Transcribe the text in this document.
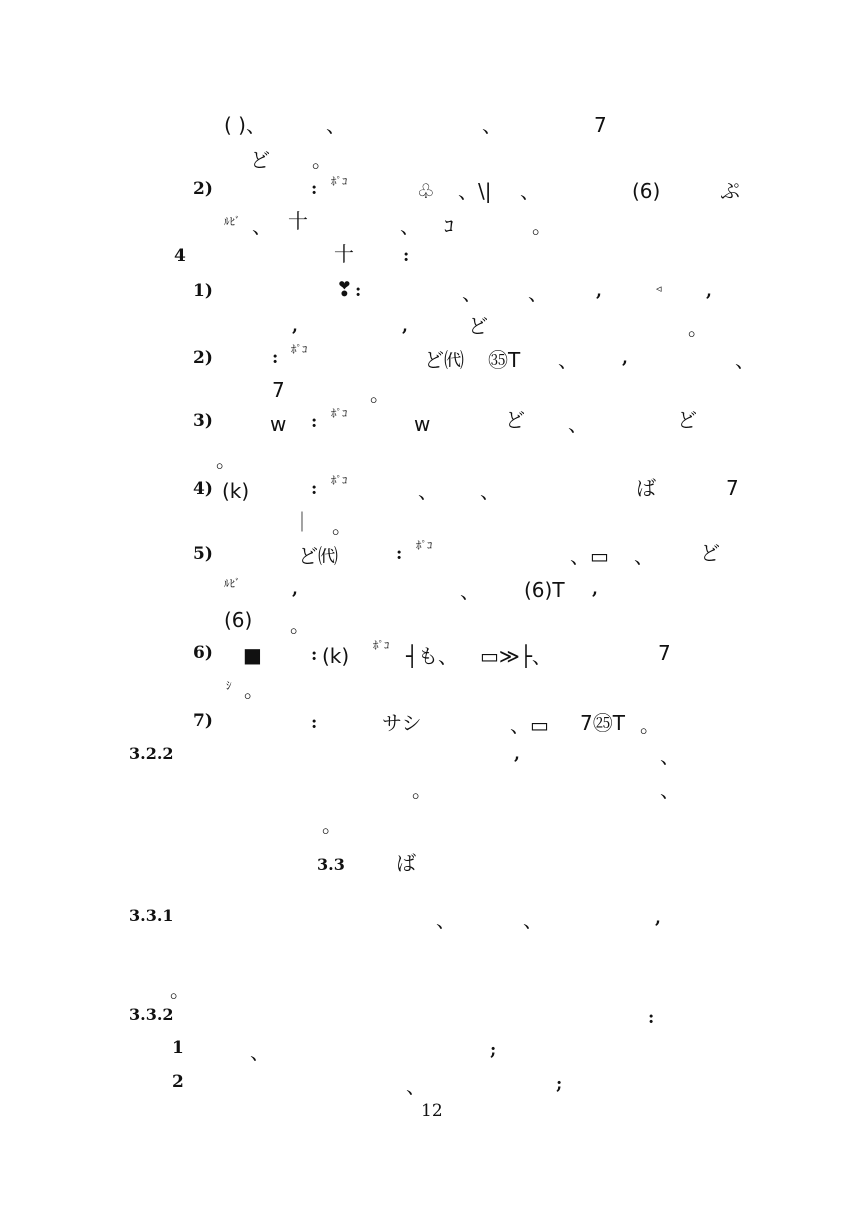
( )、	、	、	7
ど 。
2)	: ﾎﾟｺ	♧ 、\| 、	(6)	ぷ
ﾙﾋﾞ 、 十	、 ｺ	。
4	十	:
1)	❣ :	、 、	,	◃	,
,	,	ど	。
2)	: ﾎﾟｺ	ど㈹ ㉟T 、	,	、
7	。
3)	w : ﾎﾟｺ	w	ど 、	ど
。
4) (k)	: ﾎﾟｺ	、 、	ば	7
｜ 。
5)	ど㈹	: ﾎﾟｺ	、▭ 、 ど
ﾙﾋﾞ	,	、 (6)T ,
(6) 。
6) ■	: (k) ﾎﾟｺ ┤も、 ▭≫├、	7
ｼ 。
7)	:	サシ	、▭ 7㉕T 。
3.2.2	,	、
。	、
。
3.3	ば
3.3.1	、	、	,
。
3.3.2	:
1	、	;
2	、	;
12
